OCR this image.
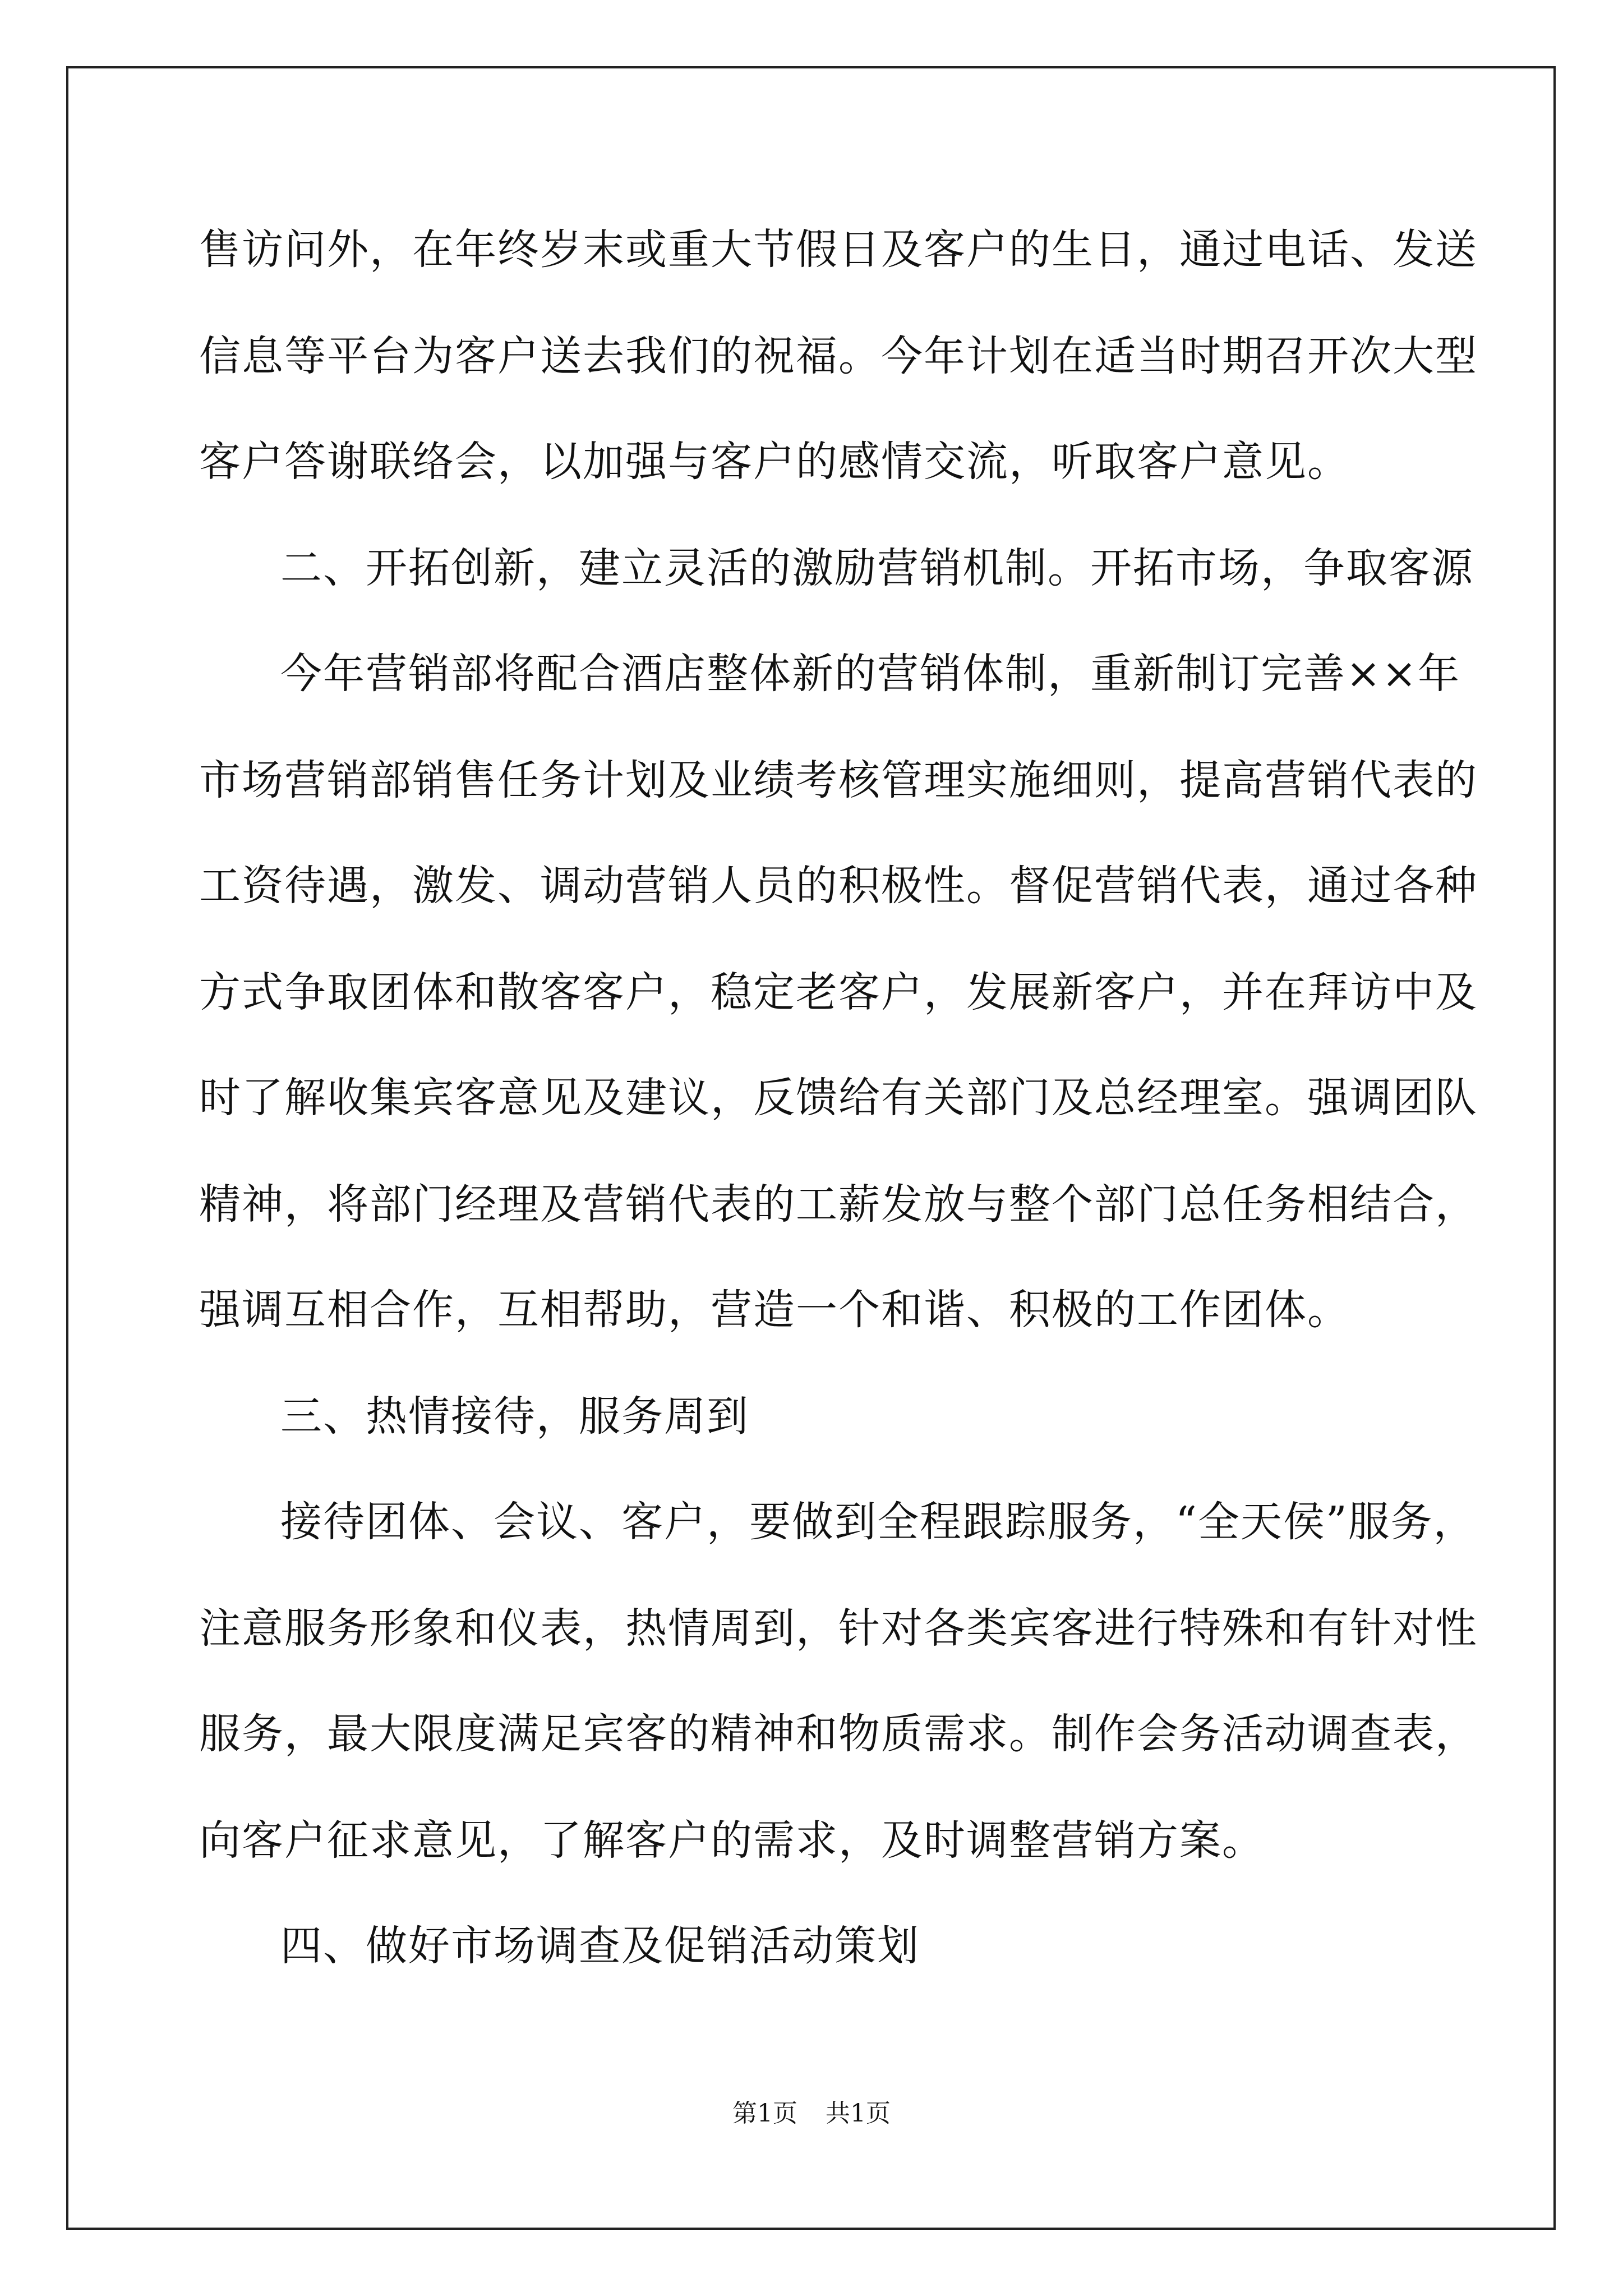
售访问外，在年终岁末或重大节假日及客户的生日，通过电话、发送

信息等平台为客户送去我们的祝福。今年计划在适当时期召开次大型

客户答谢联络会，以加强与客户的感情交流，听取客户意见。

二、开拓创新，建立灵活的激励营销机制。开拓市场，争取客源

今年营销部将配合酒店整体新的营销体制，重新制订完善××年

市场营销部销售任务计划及业绩考核管理实施细则，提高营销代表的

工资待遇，激发、调动营销人员的积极性。督促营销代表，通过各种

方式争取团体和散客客户，稳定老客户，发展新客户，并在拜访中及

时了解收集宾客意见及建议，反馈给有关部门及总经理室。强调团队

精神，将部门经理及营销代表的工薪发放与整个部门总任务相结合，

强调互相合作，互相帮助，营造一个和谐、积极的工作团体。

三、热情接待，服务周到

接待团体、会议、客户，要做到全程跟踪服务，“全天侯”服务，

注意服务形象和仪表，热情周到，针对各类宾客进行特殊和有针对性

服务，最大限度满足宾客的精神和物质需求。制作会务活动调查表，

向客户征求意见，了解客户的需求，及时调整营销方案。

四、做好市场调查及促销活动策划

第1页 共1页
